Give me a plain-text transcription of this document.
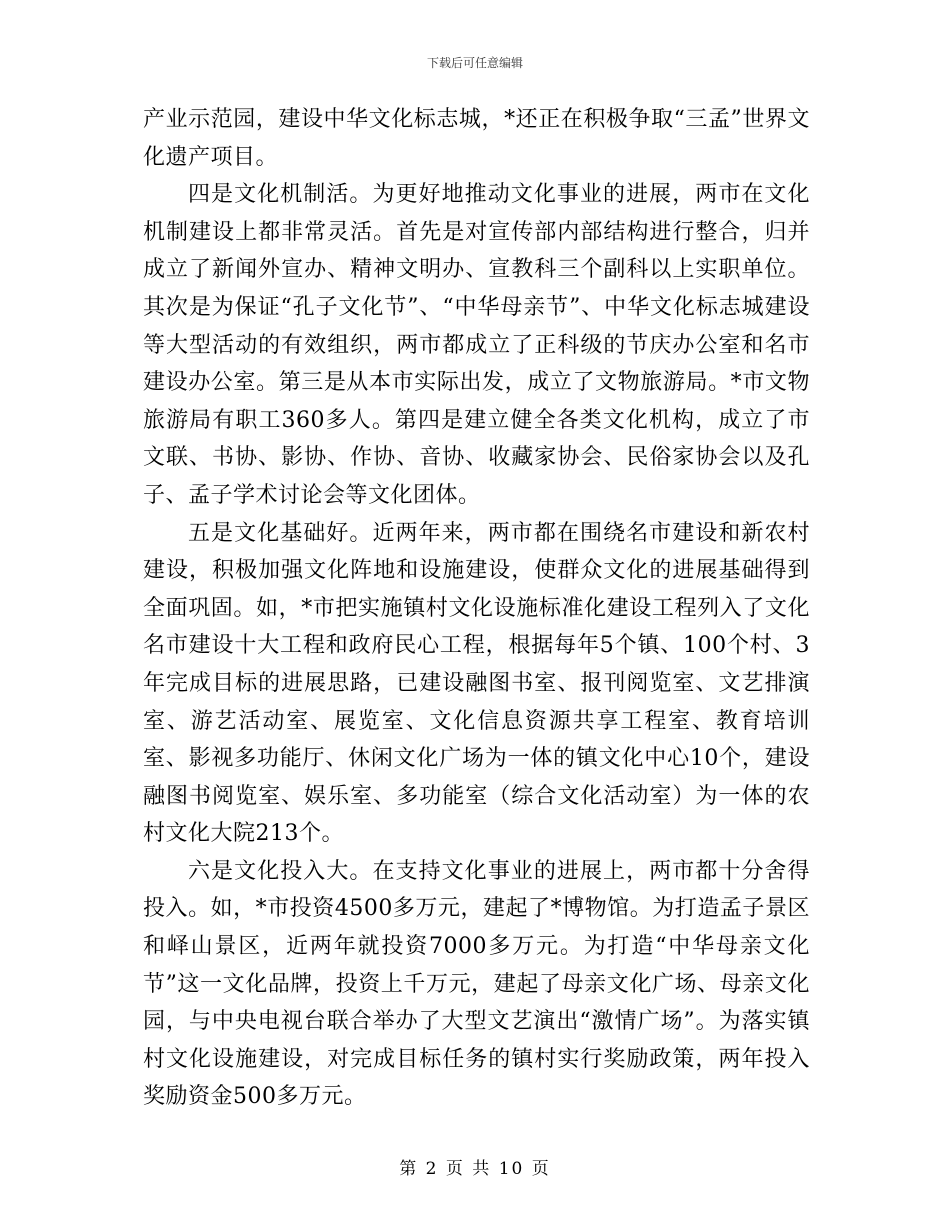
下载后可任意编辑

产业示范园，建设中华文化标志城，*还正在积极争取“三孟”世界文化遗产项目。

四是文化机制活。为更好地推动文化事业的进展，两市在文化机制建设上都非常灵活。首先是对宣传部内部结构进行整合，归并成立了新闻外宣办、精神文明办、宣教科三个副科以上实职单位。其次是为保证“孔子文化节”、“中华母亲节”、中华文化标志城建设等大型活动的有效组织，两市都成立了正科级的节庆办公室和名市建设办公室。第三是从本市实际出发，成立了文物旅游局。*市文物旅游局有职工360多人。第四是建立健全各类文化机构，成立了市文联、书协、影协、作协、音协、收藏家协会、民俗家协会以及孔子、孟子学术讨论会等文化团体。

五是文化基础好。近两年来，两市都在围绕名市建设和新农村建设，积极加强文化阵地和设施建设，使群众文化的进展基础得到全面巩固。如，*市把实施镇村文化设施标准化建设工程列入了文化名市建设十大工程和政府民心工程，根据每年5个镇、100个村、3年完成目标的进展思路，已建设融图书室、报刊阅览室、文艺排演室、游艺活动室、展览室、文化信息资源共享工程室、教育培训室、影视多功能厅、休闲文化广场为一体的镇文化中心10个，建设融图书阅览室、娱乐室、多功能室（综合文化活动室）为一体的农村文化大院213个。

六是文化投入大。在支持文化事业的进展上，两市都十分舍得投入。如，*市投资4500多万元，建起了*博物馆。为打造孟子景区和峄山景区，近两年就投资7000多万元。为打造“中华母亲文化节”这一文化品牌，投资上千万元，建起了母亲文化广场、母亲文化园，与中央电视台联合举办了大型文艺演出“激情广场”。为落实镇村文化设施建设，对完成目标任务的镇村实行奖励政策，两年投入奖励资金500多万元。

第 2 页 共 10 页
